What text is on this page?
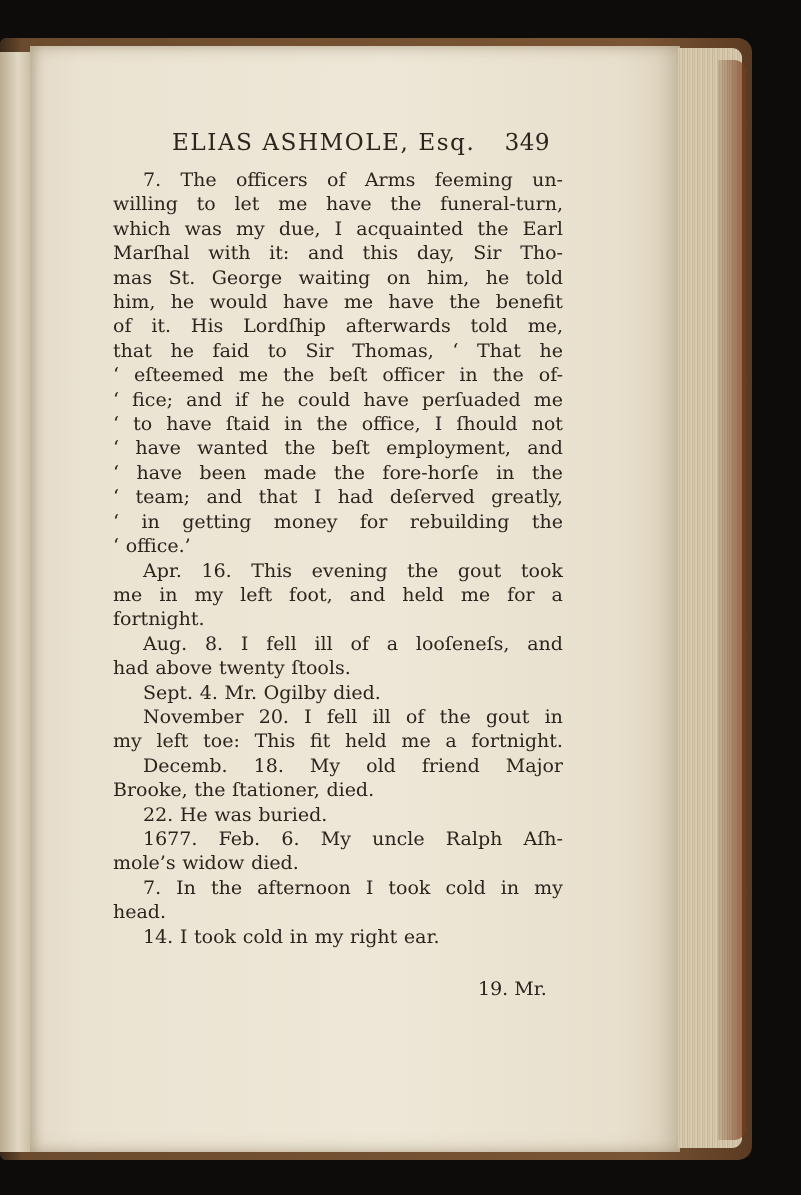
ELIAS ASHMOLE, Esq. 349
7. The officers of Arms feeming un-
willing to let me have the funeral-turn,
which was my due, I acquainted the Earl
Marſhal with it: and this day, Sir Tho-
mas St. George waiting on him, he told
him, he would have me have the benefit
of it. His Lordſhip afterwards told me,
that he faid to Sir Thomas, ‘ That he
‘ eſteemed me the beſt officer in the of-
‘ fice; and if he could have perſuaded me
‘ to have ſtaid in the office, I ſhould not
‘ have wanted the beſt employment, and
‘ have been made the fore-horſe in the
‘ team; and that I had deſerved greatly,
‘ in getting money for rebuilding the
‘ office.’
Apr. 16. This evening the gout took
me in my left foot, and held me for a
fortnight.
Aug. 8. I fell ill of a looſeneſs, and
had above twenty ſtools.
Sept. 4. Mr. Ogilby died.
November 20. I fell ill of the gout in
my left toe: This fit held me a fortnight.
Decemb. 18. My old friend Major
Brooke, the ſtationer, died.
22. He was buried.
1677. Feb. 6. My uncle Ralph Aſh-
mole’s widow died.
7. In the afternoon I took cold in my
head.
14. I took cold in my right ear.
19. Mr.
